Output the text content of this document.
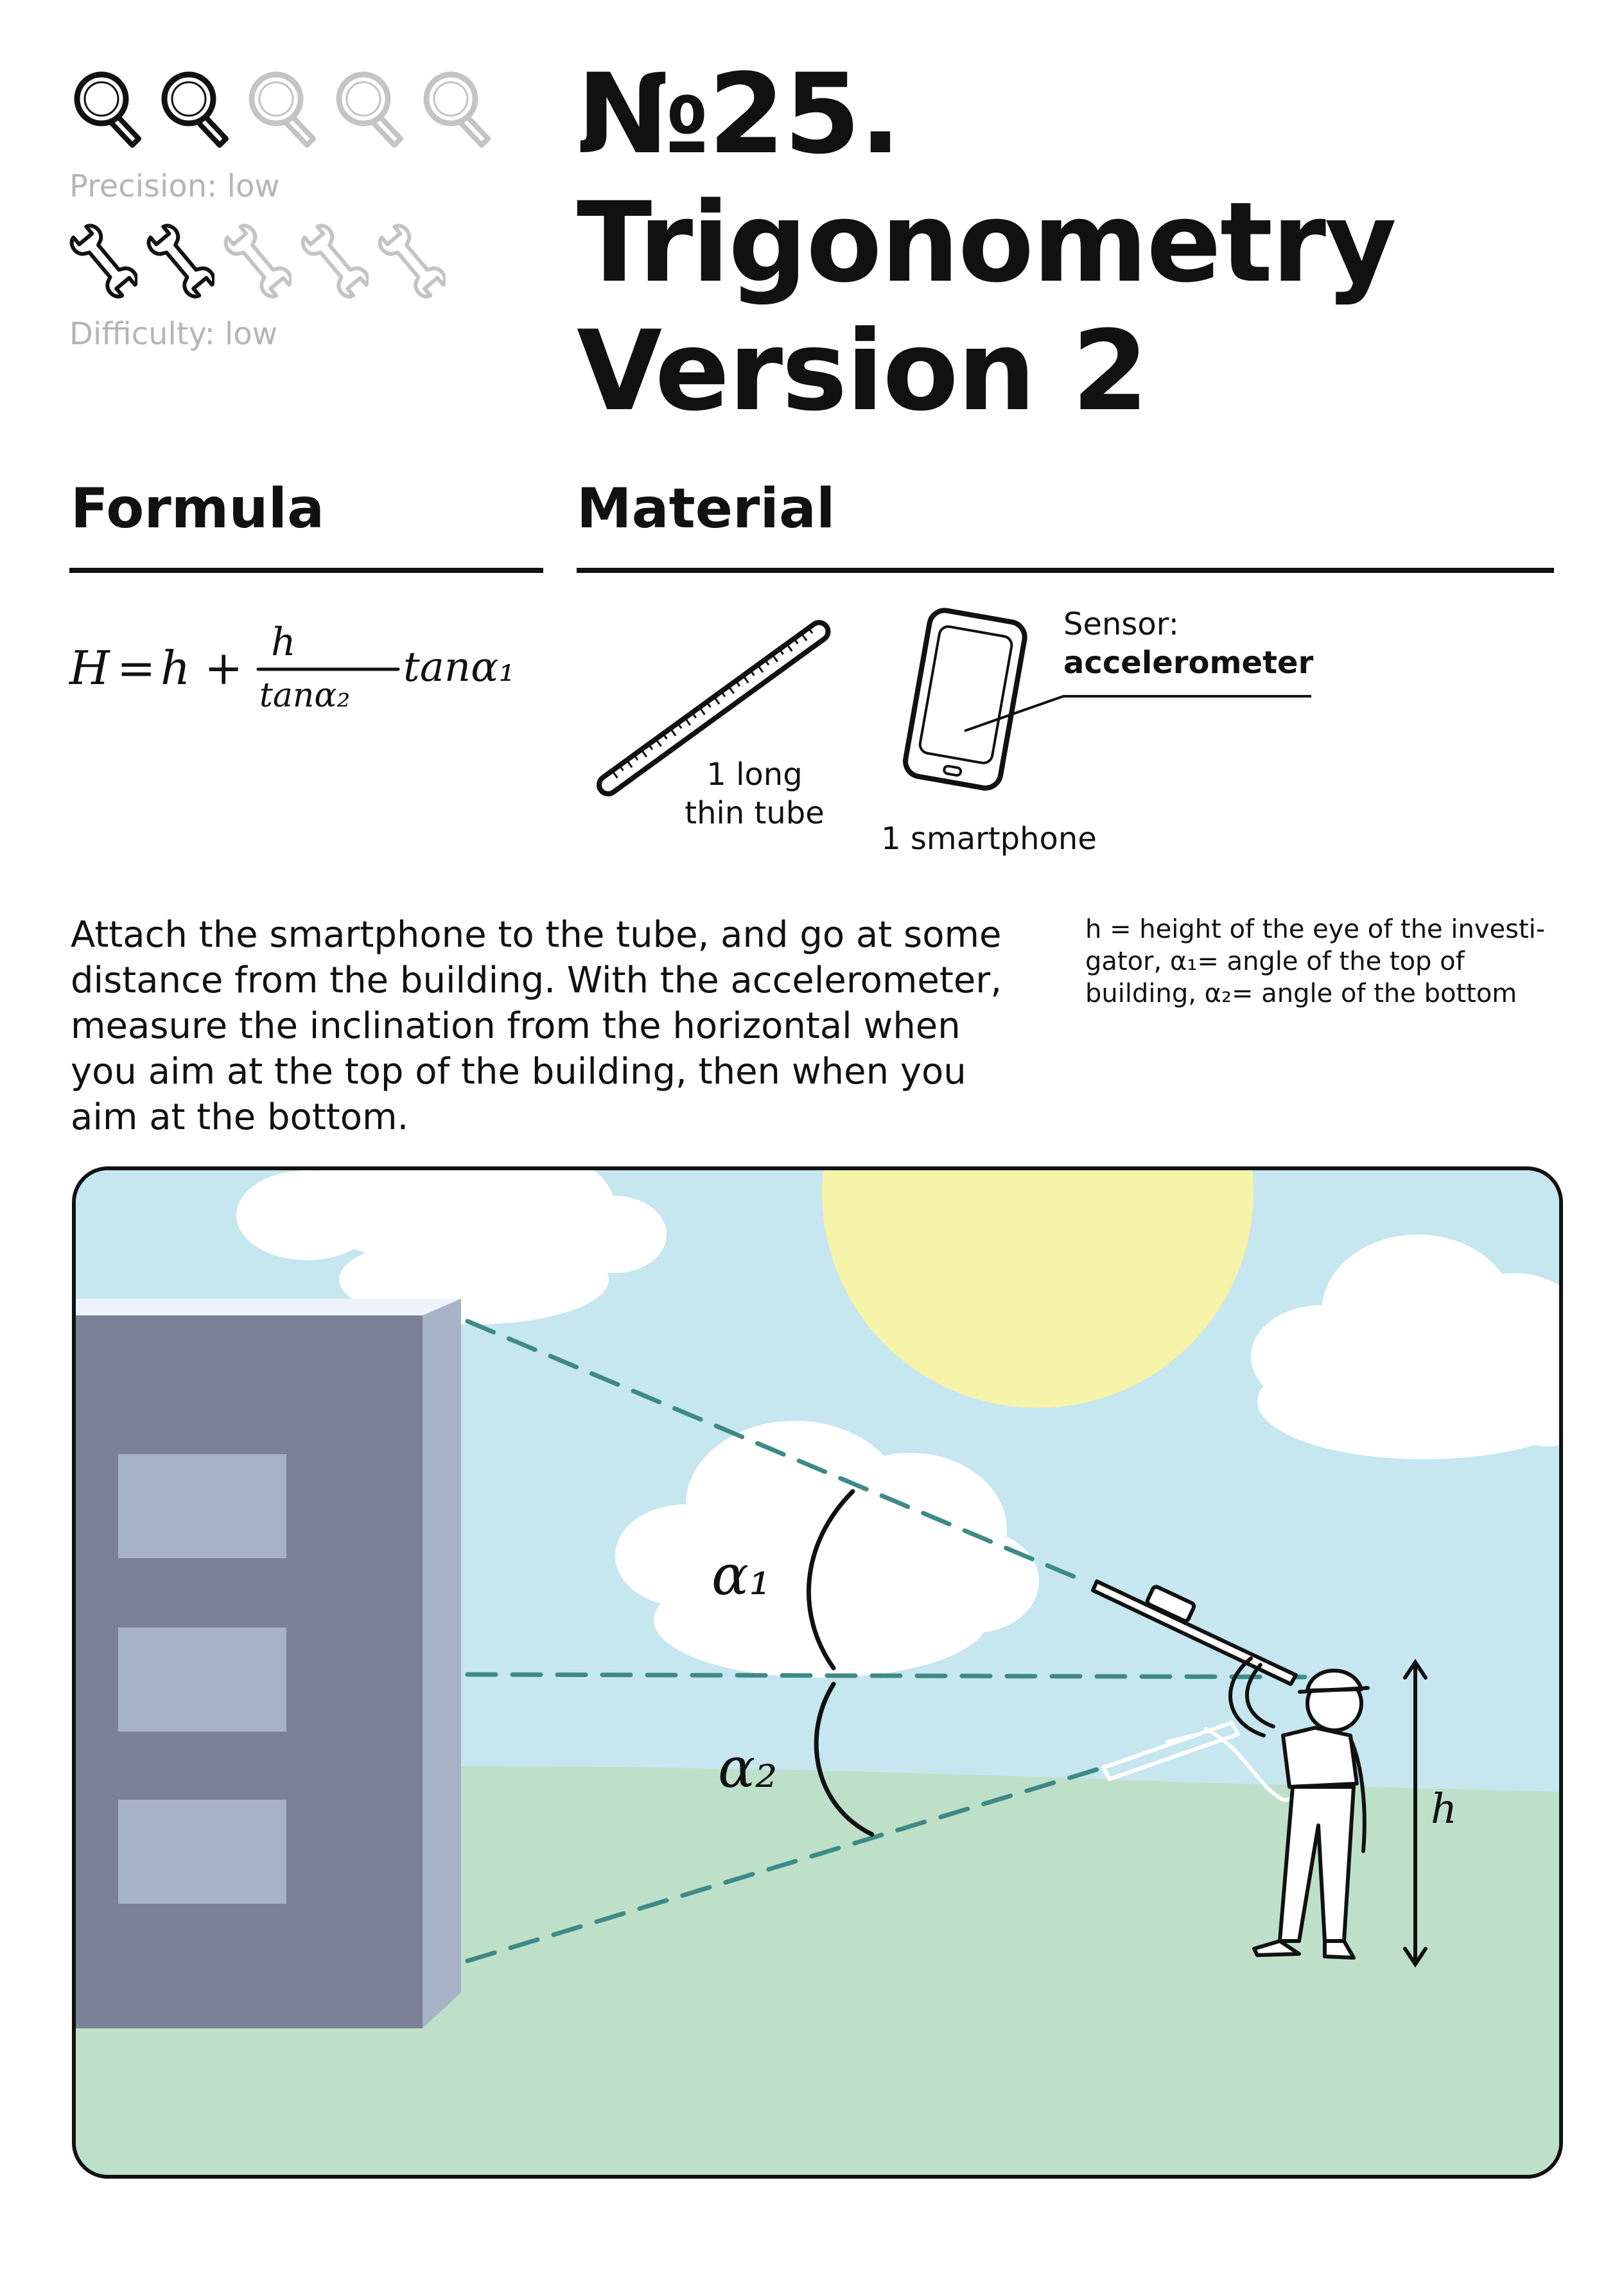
Precision: low
Difficulty: low
№25.
Trigonometry
Version 2
Formula	Material
H = h + h
tanα₂
tanα₁
1 long
thin tube
Sensor:
accelerometer
1 smartphone
Attach the smartphone to the tube, and go at some
distance from the building. With the accelerometer,
measure the inclination from the horizontal when
you aim at the top of the building, then when you
aim at the bottom.
h = height of the eye of the investi-
gator, α₁= angle of the top of
building, α₂= angle of the bottom
α₁
α₂
h
